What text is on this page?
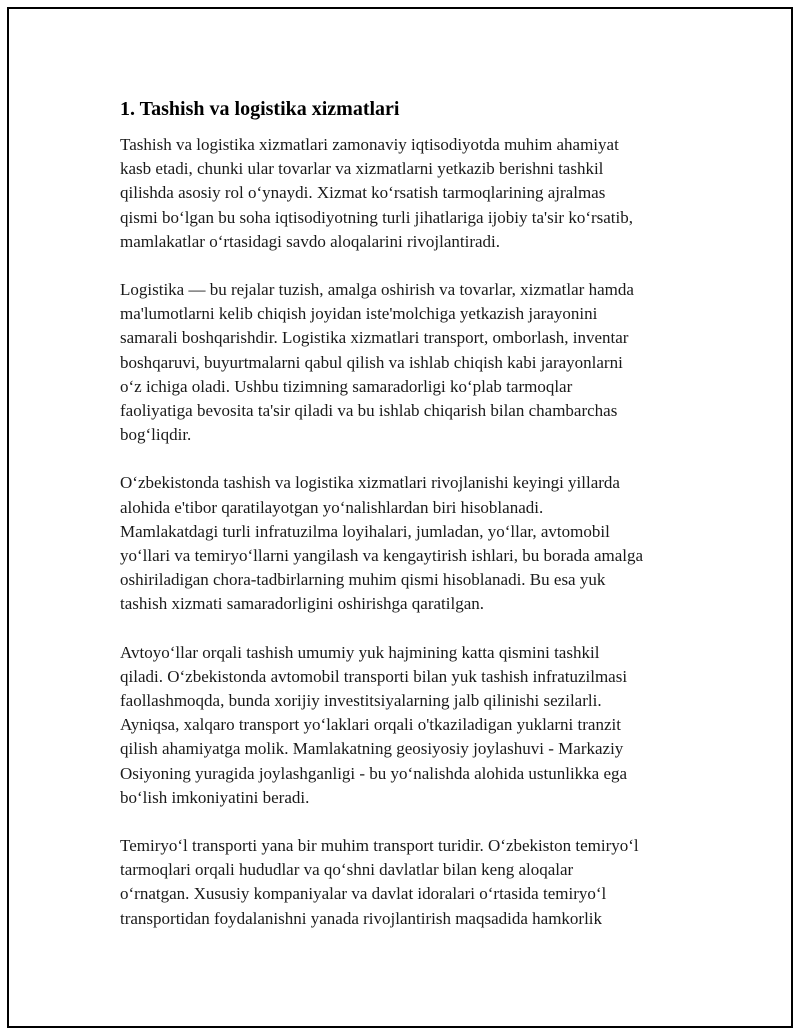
1. Tashish va logistika xizmatlari

Tashish va logistika xizmatlari zamonaviy iqtisodiyotda muhim ahamiyat
kasb etadi, chunki ular tovarlar va xizmatlarni yetkazib berishni tashkil
qilishda asosiy rol oʻynaydi. Xizmat koʻrsatish tarmoqlarining ajralmas
qismi boʻlgan bu soha iqtisodiyotning turli jihatlariga ijobiy ta'sir koʻrsatib,
mamlakatlar oʻrtasidagi savdo aloqalarini rivojlantiradi.

Logistika — bu rejalar tuzish, amalga oshirish va tovarlar, xizmatlar hamda
ma'lumotlarni kelib chiqish joyidan iste'molchiga yetkazish jarayonini
samarali boshqarishdir. Logistika xizmatlari transport, omborlash, inventar
boshqaruvi, buyurtmalarni qabul qilish va ishlab chiqish kabi jarayonlarni
oʻz ichiga oladi. Ushbu tizimning samaradorligi koʻplab tarmoqlar
faoliyatiga bevosita ta'sir qiladi va bu ishlab chiqarish bilan chambarchas
bogʻliqdir.

Oʻzbekistonda tashish va logistika xizmatlari rivojlanishi keyingi yillarda
alohida e'tibor qaratilayotgan yoʻnalishlardan biri hisoblanadi.
Mamlakatdagi turli infratuzilma loyihalari, jumladan, yoʻllar, avtomobil
yoʻllari va temiryoʻllarni yangilash va kengaytirish ishlari, bu borada amalga
oshiriladigan chora-tadbirlarning muhim qismi hisoblanadi. Bu esa yuk
tashish xizmati samaradorligini oshirishga qaratilgan.

Avtoyoʻllar orqali tashish umumiy yuk hajmining katta qismini tashkil
qiladi. Oʻzbekistonda avtomobil transporti bilan yuk tashish infratuzilmasi
faollashmoqda, bunda xorijiy investitsiyalarning jalb qilinishi sezilarli.
Ayniqsa, xalqaro transport yoʻlaklari orqali o'tkaziladigan yuklarni tranzit
qilish ahamiyatga molik. Mamlakatning geosiyosiy joylashuvi - Markaziy
Osiyoning yuragida joylashganligi - bu yoʻnalishda alohida ustunlikka ega
boʻlish imkoniyatini beradi.

Temiryoʻl transporti yana bir muhim transport turidir. Oʻzbekiston temiryoʻl
tarmoqlari orqali hududlar va qoʻshni davlatlar bilan keng aloqalar
oʻrnatgan. Xususiy kompaniyalar va davlat idoralari oʻrtasida temiryoʻl
transportidan foydalanishni yanada rivojlantirish maqsadida hamkorlik
